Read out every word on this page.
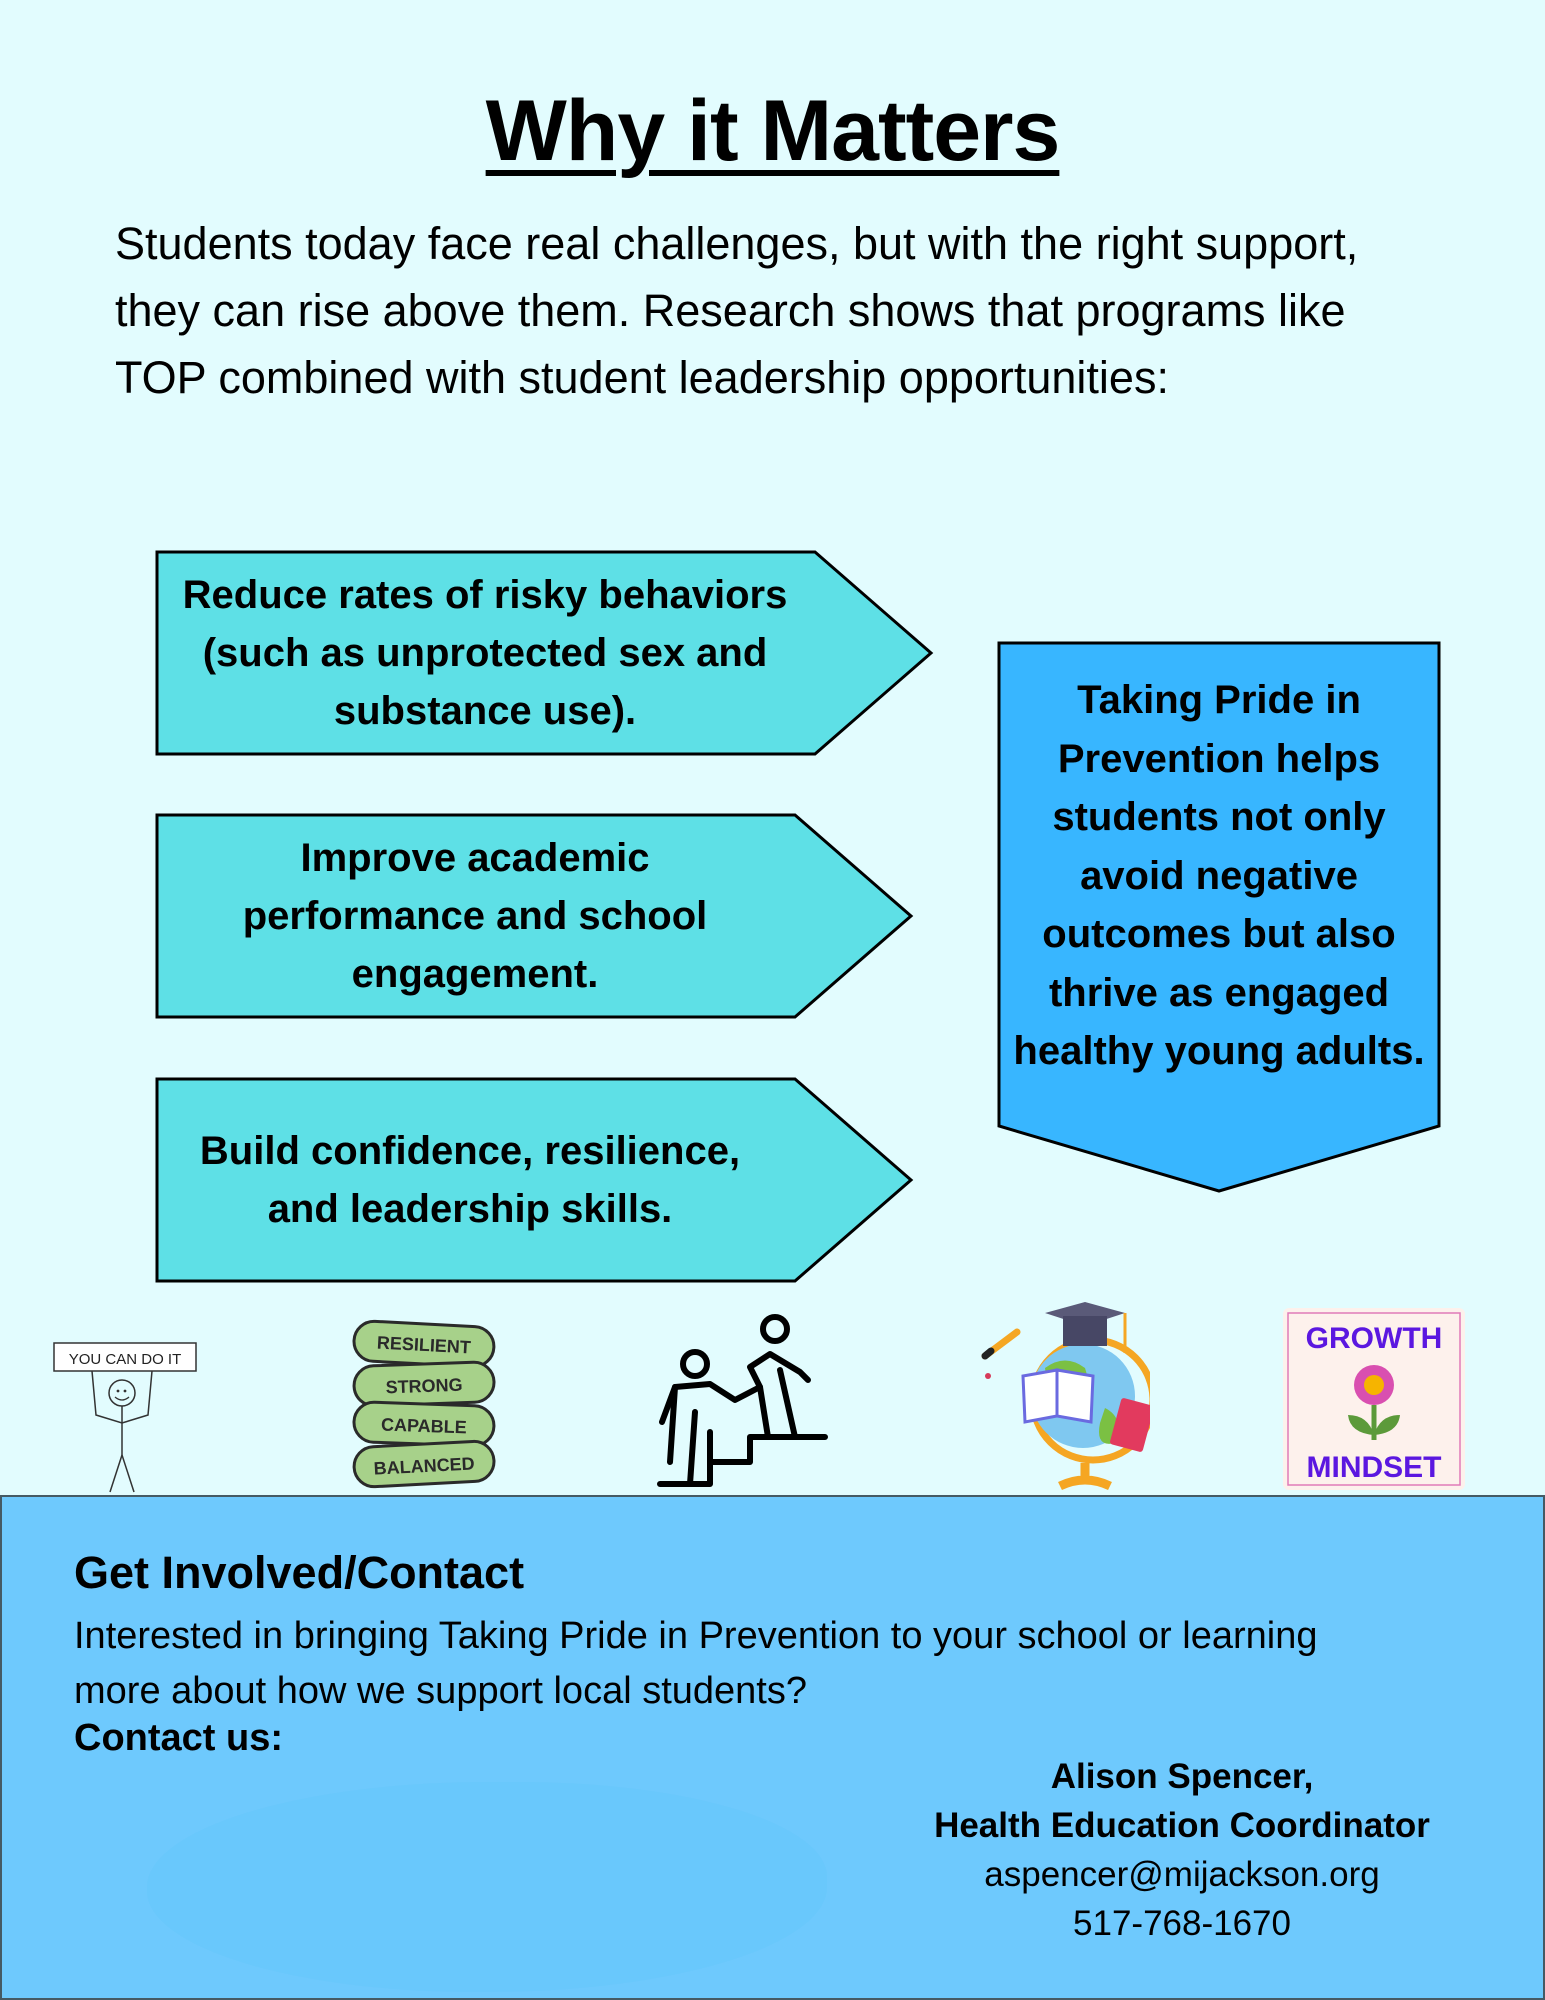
Why it Matters
Students today face real challenges, but with the right support, they can rise above them. Research shows that programs like TOP combined with student leadership opportunities:
Reduce rates of risky behaviors (such as unprotected sex and substance use).
Improve academic performance and school engagement.
Build confidence, resilience, and leadership skills.
Taking Pride in Prevention helps students not only avoid negative outcomes but also thrive as engaged healthy young adults.
YOU CAN DO IT
RESILIENT
STRONG
CAPABLE
BALANCED
GROWTH
MINDSET
Get Involved/Contact
Interested in bringing Taking Pride in Prevention to your school or learning more about how we support local students?
Contact us:
Alison Spencer,
Health Education Coordinator
aspencer@mijackson.org
517-768-1670
